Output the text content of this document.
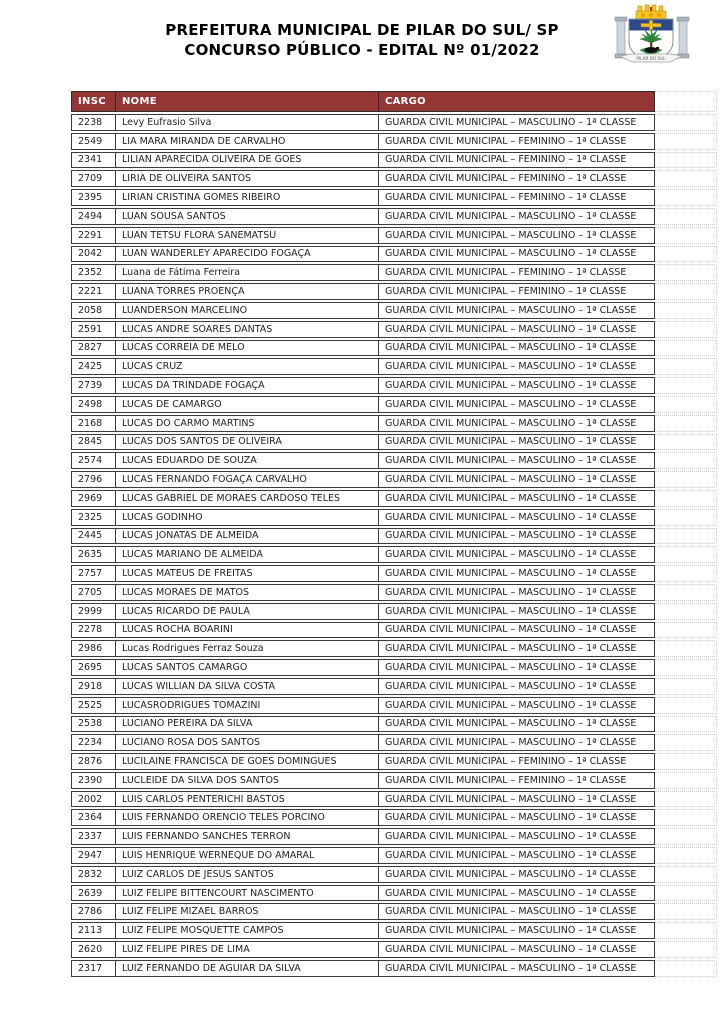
PREFEITURA MUNICIPAL DE PILAR DO SUL/ SP
CONCURSO PÚBLICO - EDITAL Nº 01/2022	PILAR DO SUL
INSC	NOME	CARGO	
2238	Levy Eufrasio Silva	GUARDA CIVIL MUNICIPAL – MASCULINO – 1ª CLASSE	
2549	LIA MARA MIRANDA DE CARVALHO	GUARDA CIVIL MUNICIPAL – FEMININO – 1ª CLASSE	
2341	LILIAN APARECIDA OLIVEIRA DE GOES	GUARDA CIVIL MUNICIPAL – FEMININO – 1ª CLASSE	
2709	LIRIA DE OLIVEIRA SANTOS	GUARDA CIVIL MUNICIPAL – FEMININO – 1ª CLASSE	
2395	LIRIAN CRISTINA GOMES RIBEIRO	GUARDA CIVIL MUNICIPAL – FEMININO – 1ª CLASSE	
2494	LUAN SOUSA SANTOS	GUARDA CIVIL MUNICIPAL – MASCULINO – 1ª CLASSE	
2291	LUAN TETSU FLORA SANEMATSU	GUARDA CIVIL MUNICIPAL – MASCULINO – 1ª CLASSE	
2042	LUAN WANDERLEY APARECIDO FOGAÇA	GUARDA CIVIL MUNICIPAL – MASCULINO – 1ª CLASSE	
2352	Luana de Fátima Ferreira	GUARDA CIVIL MUNICIPAL – FEMININO – 1ª CLASSE	
2221	LUANA TORRES PROENÇA	GUARDA CIVIL MUNICIPAL – FEMININO – 1ª CLASSE	
2058	LUANDERSON MARCELINO	GUARDA CIVIL MUNICIPAL – MASCULINO – 1ª CLASSE	
2591	LUCAS ANDRE SOARES DANTAS	GUARDA CIVIL MUNICIPAL – MASCULINO – 1ª CLASSE	
2827	LUCAS CORREIA DE MELO	GUARDA CIVIL MUNICIPAL – MASCULINO – 1ª CLASSE	
2425	LUCAS CRUZ	GUARDA CIVIL MUNICIPAL – MASCULINO – 1ª CLASSE	
2739	LUCAS DA TRINDADE FOGAÇA	GUARDA CIVIL MUNICIPAL – MASCULINO – 1ª CLASSE	
2498	LUCAS DE CAMARGO	GUARDA CIVIL MUNICIPAL – MASCULINO – 1ª CLASSE	
2168	LUCAS DO CARMO MARTINS	GUARDA CIVIL MUNICIPAL – MASCULINO – 1ª CLASSE	
2845	LUCAS DOS SANTOS DE OLIVEIRA	GUARDA CIVIL MUNICIPAL – MASCULINO – 1ª CLASSE	
2574	LUCAS EDUARDO DE SOUZA	GUARDA CIVIL MUNICIPAL – MASCULINO – 1ª CLASSE	
2796	LUCAS FERNANDO FOGAÇA CARVALHO	GUARDA CIVIL MUNICIPAL – MASCULINO – 1ª CLASSE	
2969	LUCAS GABRIEL DE MORAES CARDOSO TELES	GUARDA CIVIL MUNICIPAL – MASCULINO – 1ª CLASSE	
2325	LUCAS GODINHO	GUARDA CIVIL MUNICIPAL – MASCULINO – 1ª CLASSE	
2445	LUCAS JONATAS DE ALMEIDA	GUARDA CIVIL MUNICIPAL – MASCULINO – 1ª CLASSE	
2635	LUCAS MARIANO DE ALMEIDA	GUARDA CIVIL MUNICIPAL – MASCULINO – 1ª CLASSE	
2757	LUCAS MATEUS DE FREITAS	GUARDA CIVIL MUNICIPAL – MASCULINO – 1ª CLASSE	
2705	LUCAS MORAES DE MATOS	GUARDA CIVIL MUNICIPAL – MASCULINO – 1ª CLASSE	
2999	LUCAS RICARDO DE PAULA	GUARDA CIVIL MUNICIPAL – MASCULINO – 1ª CLASSE	
2278	LUCAS ROCHA BOARINI	GUARDA CIVIL MUNICIPAL – MASCULINO – 1ª CLASSE	
2986	Lucas Rodrigues Ferraz Souza	GUARDA CIVIL MUNICIPAL – MASCULINO – 1ª CLASSE	
2695	LUCAS SANTOS CAMARGO	GUARDA CIVIL MUNICIPAL – MASCULINO – 1ª CLASSE	
2918	LUCAS WILLIAN DA SILVA COSTA	GUARDA CIVIL MUNICIPAL – MASCULINO – 1ª CLASSE	
2525	LUCASRODRIGUES TOMAZINI	GUARDA CIVIL MUNICIPAL – MASCULINO – 1ª CLASSE	
2538	LUCIANO PEREIRA DA SILVA	GUARDA CIVIL MUNICIPAL – MASCULINO – 1ª CLASSE	
2234	LUCIANO ROSA DOS SANTOS	GUARDA CIVIL MUNICIPAL – MASCULINO – 1ª CLASSE	
2876	LUCILAINE FRANCISCA DE GOES DOMINGUES	GUARDA CIVIL MUNICIPAL – FEMININO – 1ª CLASSE	
2390	LUCLEIDE DA SILVA DOS SANTOS	GUARDA CIVIL MUNICIPAL – FEMININO – 1ª CLASSE	
2002	LUIS CARLOS PENTERICHI BASTOS	GUARDA CIVIL MUNICIPAL – MASCULINO – 1ª CLASSE	
2364	LUIS FERNANDO ORENCIO TELES PORCINO	GUARDA CIVIL MUNICIPAL – MASCULINO – 1ª CLASSE	
2337	LUIS FERNANDO SANCHES TERRON	GUARDA CIVIL MUNICIPAL – MASCULINO – 1ª CLASSE	
2947	LUIS HENRIQUE WERNEQUE DO AMARAL	GUARDA CIVIL MUNICIPAL – MASCULINO – 1ª CLASSE	
2832	LUIZ CARLOS DE JESUS SANTOS	GUARDA CIVIL MUNICIPAL – MASCULINO – 1ª CLASSE	
2639	LUIZ FELIPE BITTENCOURT NASCIMENTO	GUARDA CIVIL MUNICIPAL – MASCULINO – 1ª CLASSE	
2786	LUIZ FELIPE MIZAEL BARROS	GUARDA CIVIL MUNICIPAL – MASCULINO – 1ª CLASSE	
2113	LUIZ FELIPE MOSQUETTE CAMPOS	GUARDA CIVIL MUNICIPAL – MASCULINO – 1ª CLASSE	
2620	LUIZ FELIPE PIRES DE LIMA	GUARDA CIVIL MUNICIPAL – MASCULINO – 1ª CLASSE	
2317	LUIZ FERNANDO DE AGUIAR DA SILVA	GUARDA CIVIL MUNICIPAL – MASCULINO – 1ª CLASSE	
